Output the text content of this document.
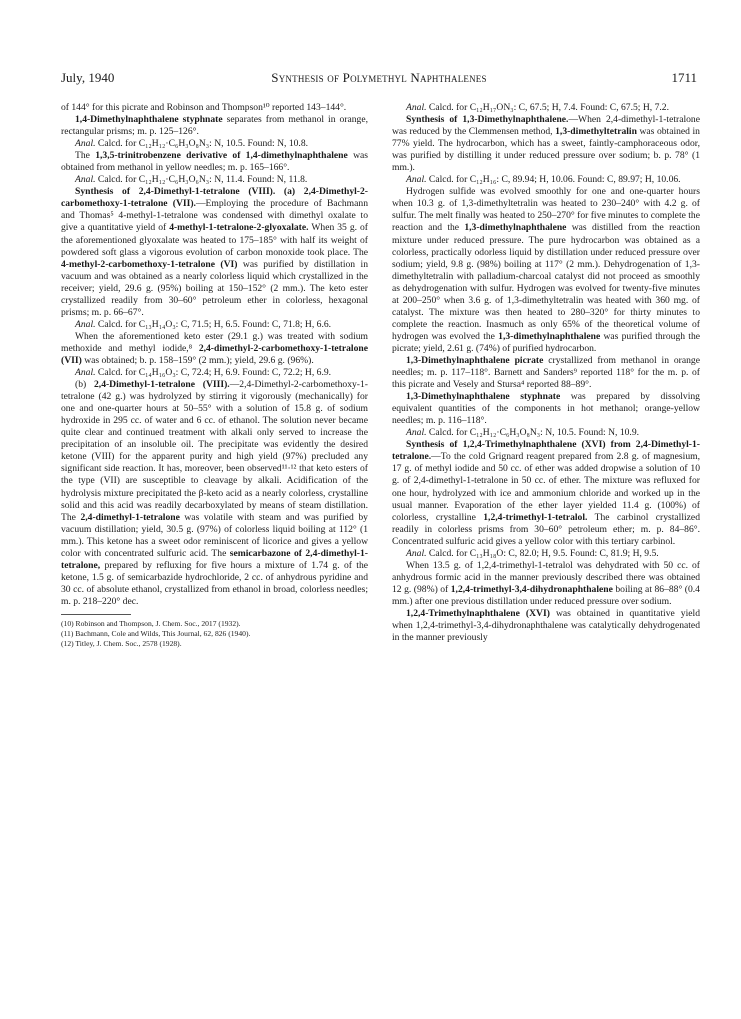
July, 1940	Synthesis of Polymethyl Naphthalenes	1711

of 144° for this picrate and Robinson and Thompson¹⁰ reported 143–144°.

1,4-Dimethylnaphthalene styphnate separates from methanol in orange, rectangular prisms; m. p. 125–126°.

Anal. Calcd. for C₁₂H₁₂·C₆H₃O₈N₃: N, 10.5. Found: N, 10.8.

The 1,3,5-trinitrobenzene derivative of 1,4-dimethylnaphthalene was obtained from methanol in yellow needles; m. p. 165–166°.

Anal. Calcd. for C₁₂H₁₂·C₆H₃O₆N₃: N, 11.4. Found: N, 11.8.

Synthesis of 2,4-Dimethyl-1-tetralone (VIII). (a) 2,4-Dimethyl-2-carbomethoxy-1-tetralone (VII).—Employing the procedure of Bachmann and Thomas⁵ 4-methyl-1-tetralone was condensed with dimethyl oxalate to give a quantitative yield of 4-methyl-1-tetralone-2-glyoxalate. When 35 g. of the aforementioned glyoxalate was heated to 175–185° with half its weight of powdered soft glass a vigorous evolution of carbon monoxide took place. The 4-methyl-2-carbomethoxy-1-tetralone (VI) was purified by distillation in vacuum and was obtained as a nearly colorless liquid which crystallized in the receiver; yield, 29.6 g. (95%) boiling at 150–152° (2 mm.). The keto ester crystallized readily from 30–60° petroleum ether in colorless, hexagonal prisms; m. p. 66–67°.

Anal. Calcd. for C₁₃H₁₄O₃: C, 71.5; H, 6.5. Found: C, 71.8; H, 6.6.

When the aforementioned keto ester (29.1 g.) was treated with sodium methoxide and methyl iodide,⁸ 2,4-dimethyl-2-carbomethoxy-1-tetralone (VII) was obtained; b. p. 158–159° (2 mm.); yield, 29.6 g. (96%).

Anal. Calcd. for C₁₄H₁₆O₃: C, 72.4; H, 6.9. Found: C, 72.2; H, 6.9.

(b) 2,4-Dimethyl-1-tetralone (VIII).—2,4-Dimethyl-2-carbomethoxy-1-tetralone (42 g.) was hydrolyzed by stirring it vigorously (mechanically) for one and one-quarter hours at 50–55° with a solution of 15.8 g. of sodium hydroxide in 295 cc. of water and 6 cc. of ethanol. The solution never became quite clear and continued treatment with alkali only served to increase the precipitation of an insoluble oil. The precipitate was evidently the desired ketone (VIII) for the apparent purity and high yield (97%) precluded any significant side reaction. It has, moreover, been observed¹¹·¹² that keto esters of the type (VII) are susceptible to cleavage by alkali. Acidification of the hydrolysis mixture precipitated the β-keto acid as a nearly colorless, crystalline solid and this acid was readily decarboxylated by means of steam distillation. The 2,4-dimethyl-1-tetralone was volatile with steam and was purified by vacuum distillation; yield, 30.5 g. (97%) of colorless liquid boiling at 112° (1 mm.). This ketone has a sweet odor reminiscent of licorice and gives a yellow color with concentrated sulfuric acid. The semicarbazone of 2,4-dimethyl-1-tetralone, prepared by refluxing for five hours a mixture of 1.74 g. of the ketone, 1.5 g. of semicarbazide hydrochloride, 2 cc. of anhydrous pyridine and 30 cc. of absolute ethanol, crystallized from ethanol in broad, colorless needles; m. p. 218–220° dec.

(10) Robinson and Thompson, J. Chem. Soc., 2017 (1932).

(11) Bachmann, Cole and Wilds, This Journal, 62, 826 (1940).

(12) Titley, J. Chem. Soc., 2578 (1928).

Anal. Calcd. for C₁₂H₁₇ON₃: C, 67.5; H, 7.4. Found: C, 67.5; H, 7.2.

Synthesis of 1,3-Dimethylnaphthalene.—When 2,4-dimethyl-1-tetralone was reduced by the Clemmensen method, 1,3-dimethyltetralin was obtained in 77% yield. The hydrocarbon, which has a sweet, faintly-camphoraceous odor, was purified by distilling it under reduced pressure over sodium; b. p. 78° (1 mm.).

Anal. Calcd. for C₁₂H₁₆: C, 89.94; H, 10.06. Found: C, 89.97; H, 10.06.

Hydrogen sulfide was evolved smoothly for one and one-quarter hours when 10.3 g. of 1,3-dimethyltetralin was heated to 230–240° with 4.2 g. of sulfur. The melt finally was heated to 250–270° for five minutes to complete the reaction and the 1,3-dimethylnaphthalene was distilled from the reaction mixture under reduced pressure. The pure hydrocarbon was obtained as a colorless, practically odorless liquid by distillation under reduced pressure over sodium; yield, 9.8 g. (98%) boiling at 117° (2 mm.). Dehydrogenation of 1,3-dimethyltetralin with palladium-charcoal catalyst did not proceed as smoothly as dehydrogenation with sulfur. Hydrogen was evolved for twenty-five minutes at 200–250° when 3.6 g. of 1,3-dimethyltetralin was heated with 360 mg. of catalyst. The mixture was then heated to 280–320° for thirty minutes to complete the reaction. Inasmuch as only 65% of the theoretical volume of hydrogen was evolved the 1,3-dimethylnaphthalene was purified through the picrate; yield, 2.61 g. (74%) of purified hydrocarbon.

1,3-Dimethylnaphthalene picrate crystallized from methanol in orange needles; m. p. 117–118°. Barnett and Sanders⁹ reported 118° for the m. p. of this picrate and Vesely and Stursa⁴ reported 88–89°.

1,3-Dimethylnaphthalene styphnate was prepared by dissolving equivalent quantities of the components in hot methanol; orange-yellow needles; m. p. 116–118°.

Anal. Calcd. for C₁₂H₁₂·C₆H₃O₈N₃: N, 10.5. Found: N, 10.9.

Synthesis of 1,2,4-Trimethylnaphthalene (XVI) from 2,4-Dimethyl-1-tetralone.—To the cold Grignard reagent prepared from 2.8 g. of magnesium, 17 g. of methyl iodide and 50 cc. of ether was added dropwise a solution of 10 g. of 2,4-dimethyl-1-tetralone in 50 cc. of ether. The mixture was refluxed for one hour, hydrolyzed with ice and ammonium chloride and worked up in the usual manner. Evaporation of the ether layer yielded 11.4 g. (100%) of colorless, crystalline 1,2,4-trimethyl-1-tetralol. The carbinol crystallized readily in colorless prisms from 30–60° petroleum ether; m. p. 84–86°. Concentrated sulfuric acid gives a yellow color with this tertiary carbinol.

Anal. Calcd. for C₁₃H₁₈O: C, 82.0; H, 9.5. Found: C, 81.9; H, 9.5.

When 13.5 g. of 1,2,4-trimethyl-1-tetralol was dehydrated with 50 cc. of anhydrous formic acid in the manner previously described there was obtained 12 g. (98%) of 1,2,4-trimethyl-3,4-dihydronaphthalene boiling at 86–88° (0.4 mm.) after one previous distillation under reduced pressure over sodium.

1,2,4-Trimethylnaphthalene (XVI) was obtained in quantitative yield when 1,2,4-trimethyl-3,4-dihydronaphthalene was catalytically dehydrogenated in the manner previously
